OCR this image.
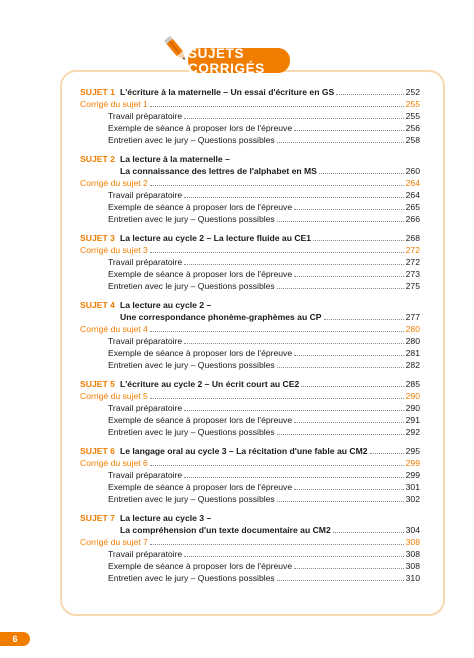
SUJETS CORRIGÉS
SUJET 1 L'écriture à la maternelle – Un essai d'écriture en GS	252
Corrigé du sujet 1	255
Travail préparatoire	255
Exemple de séance à proposer lors de l'épreuve	256
Entretien avec le jury – Questions possibles	258
SUJET 2 La lecture à la maternelle –
La connaissance des lettres de l'alphabet en MS	260
Corrigé du sujet 2	264
Travail préparatoire	264
Exemple de séance à proposer lors de l'épreuve	265
Entretien avec le jury – Questions possibles	266
SUJET 3 La lecture au cycle 2 – La lecture fluide au CE1	268
Corrigé du sujet 3	272
Travail préparatoire	272
Exemple de séance à proposer lors de l'épreuve	273
Entretien avec le jury – Questions possibles	275
SUJET 4 La lecture au cycle 2 –
Une correspondance phonème-graphèmes au CP	277
Corrigé du sujet 4	280
Travail préparatoire	280
Exemple de séance à proposer lors de l'épreuve	281
Entretien avec le jury – Questions possibles	282
SUJET 5 L'écriture au cycle 2 – Un écrit court au CE2	285
Corrigé du sujet 5	290
Travail préparatoire	290
Exemple de séance à proposer lors de l'épreuve	291
Entretien avec le jury – Questions possibles	292
SUJET 6 Le langage oral au cycle 3 – La récitation d'une fable au CM2	295
Corrigé du sujet 6	299
Travail préparatoire	299
Exemple de séance à proposer lors de l'épreuve	301
Entretien avec le jury – Questions possibles	302
SUJET 7 La lecture au cycle 3 –
La compréhension d'un texte documentaire au CM2	304
Corrigé du sujet 7	308
Travail préparatoire	308
Exemple de séance à proposer lors de l'épreuve	308
Entretien avec le jury – Questions possibles	310
6
